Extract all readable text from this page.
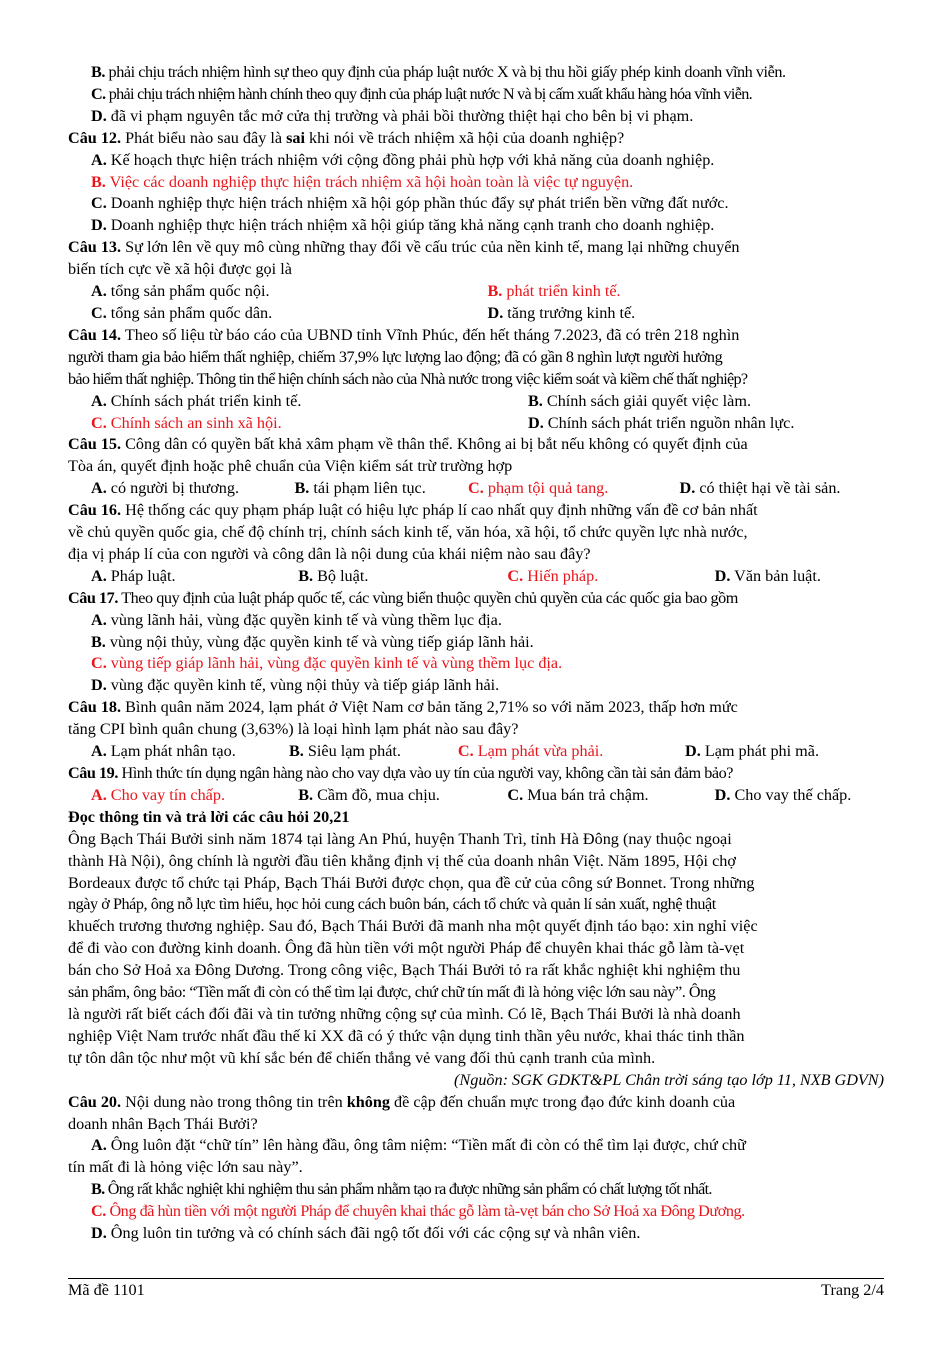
B. phải chịu trách nhiệm hình sự theo quy định của pháp luật nước X và bị thu hồi giấy phép kinh doanh vĩnh viễn.
C. phải chịu trách nhiệm hành chính theo quy định của pháp luật nước N và bị cấm xuất khẩu hàng hóa vĩnh viễn.
D. đã vi phạm nguyên tắc mở cửa thị trường và phải bồi thường thiệt hại cho bên bị vi phạm.
Câu 12. Phát biểu nào sau đây là sai khi nói về trách nhiệm xã hội của doanh nghiệp?
A. Kế hoạch thực hiện trách nhiệm với cộng đồng phải phù hợp với khả năng của doanh nghiệp.
B. Việc các doanh nghiệp thực hiện trách nhiệm xã hội hoàn toàn là việc tự nguyện.
C. Doanh nghiệp thực hiện trách nhiệm xã hội góp phần thúc đẩy sự phát triển bền vững đất nước.
D. Doanh nghiệp thực hiện trách nhiệm xã hội giúp tăng khả năng cạnh tranh cho doanh nghiệp.
Câu 13. Sự lớn lên về quy mô cùng những thay đổi về cấu trúc của nền kinh tế, mang lại những chuyển
biến tích cực về xã hội được gọi là
A. tổng sản phẩm quốc nội.	B. phát triển kinh tế.
C. tổng sản phẩm quốc dân.	D. tăng trưởng kinh tế.
Câu 14. Theo số liệu từ báo cáo của UBND tỉnh Vĩnh Phúc, đến hết tháng 7.2023, đã có trên 218 nghìn
người tham gia bảo hiểm thất nghiệp, chiếm 37,9% lực lượng lao động; đã có gần 8 nghìn lượt người hưởng
bảo hiểm thất nghiệp. Thông tin thể hiện chính sách nào của Nhà nước trong việc kiểm soát và kiềm chế thất nghiệp?
A. Chính sách phát triển kinh tế.	B. Chính sách giải quyết việc làm.
C. Chính sách an sinh xã hội.	D. Chính sách phát triển nguồn nhân lực.
Câu 15. Công dân có quyền bất khả xâm phạm về thân thể. Không ai bị bắt nếu không có quyết định của
Tòa án, quyết định hoặc phê chuẩn của Viện kiểm sát trừ trường hợp
A. có người bị thương.	B. tái phạm liên tục.	C. phạm tội quả tang.	D. có thiệt hại về tài sản.
Câu 16. Hệ thống các quy phạm pháp luật có hiệu lực pháp lí cao nhất quy định những vấn đề cơ bản nhất
về chủ quyền quốc gia, chế độ chính trị, chính sách kinh tế, văn hóa, xã hội, tổ chức quyền lực nhà nước,
địa vị pháp lí của con người và công dân là nội dung của khái niệm nào sau đây?
A. Pháp luật.	B. Bộ luật.	C. Hiến pháp.	D. Văn bản luật.
Câu 17. Theo quy định của luật pháp quốc tế, các vùng biển thuộc quyền chủ quyền của các quốc gia bao gồm
A. vùng lãnh hải, vùng đặc quyền kinh tế và vùng thềm lục địa.
B. vùng nội thủy, vùng đặc quyền kinh tế và vùng tiếp giáp lãnh hải.
C. vùng tiếp giáp lãnh hải, vùng đặc quyền kinh tế và vùng thềm lục địa.
D. vùng đặc quyền kinh tế, vùng nội thủy và tiếp giáp lãnh hải.
Câu 18. Bình quân năm 2024, lạm phát ở Việt Nam cơ bản tăng 2,71% so với năm 2023, thấp hơn mức
tăng CPI bình quân chung (3,63%) là loại hình lạm phát nào sau đây?
A. Lạm phát nhân tạo.	B. Siêu lạm phát.	C. Lạm phát vừa phải.	D. Lạm phát phi mã.
Câu 19. Hình thức tín dụng ngân hàng nào cho vay dựa vào uy tín của người vay, không cần tài sản đảm bảo?
A. Cho vay tín chấp.	B. Cầm đồ, mua chịu.	C. Mua bán trả chậm.	D. Cho vay thế chấp.
Đọc thông tin và trả lời các câu hỏi 20,21
Ông Bạch Thái Bưởi sinh năm 1874 tại làng An Phú, huyện Thanh Trì, tỉnh Hà Đông (nay thuộc ngoại
thành Hà Nội), ông chính là người đầu tiên khẳng định vị thế của doanh nhân Việt. Năm 1895, Hội chợ
Bordeaux được tổ chức tại Pháp, Bạch Thái Bưởi được chọn, qua đề cử của công sứ Bonnet. Trong những
ngày ở Pháp, ông nỗ lực tìm hiểu, học hỏi cung cách buôn bán, cách tổ chức và quản lí sản xuất, nghệ thuật
khuếch trương thương nghiệp. Sau đó, Bạch Thái Bưởi đã manh nha một quyết định táo bạo: xin nghỉ việc
để đi vào con đường kinh doanh. Ông đã hùn tiền với một người Pháp để chuyên khai thác gỗ làm tà-vẹt
bán cho Sở Hoả xa Đông Dương. Trong công việc, Bạch Thái Bưởi tỏ ra rất khắc nghiệt khi nghiệm thu
sản phẩm, ông bảo: “Tiền mất đi còn có thể tìm lại được, chứ chữ tín mất đi là hỏng việc lớn sau này”. Ông
là người rất biết cách đối đãi và tin tưởng những cộng sự của mình. Có lẽ, Bạch Thái Bưởi là nhà doanh
nghiệp Việt Nam trước nhất đầu thế kỉ XX đã có ý thức vận dụng tinh thần yêu nước, khai thác tinh thần
tự tôn dân tộc như một vũ khí sắc bén để chiến thắng vẻ vang đối thủ cạnh tranh của mình.
(Nguồn: SGK GDKT&PL Chân trời sáng tạo lớp 11, NXB GDVN)
Câu 20. Nội dung nào trong thông tin trên không đề cập đến chuẩn mực trong đạo đức kinh doanh của
doanh nhân Bạch Thái Bưởi?
A. Ông luôn đặt “chữ tín” lên hàng đầu, ông tâm niệm: “Tiền mất đi còn có thể tìm lại được, chứ chữ
tín mất đi là hỏng việc lớn sau này”.
B. Ông rất khắc nghiệt khi nghiệm thu sản phẩm nhằm tạo ra được những sản phẩm có chất lượng tốt nhất.
C. Ông đã hùn tiền với một người Pháp để chuyên khai thác gỗ làm tà-vẹt bán cho Sở Hoả xa Đông Dương.
D. Ông luôn tin tưởng và có chính sách đãi ngộ tốt đối với các cộng sự và nhân viên.
Mã đề 1101	Trang 2/4
